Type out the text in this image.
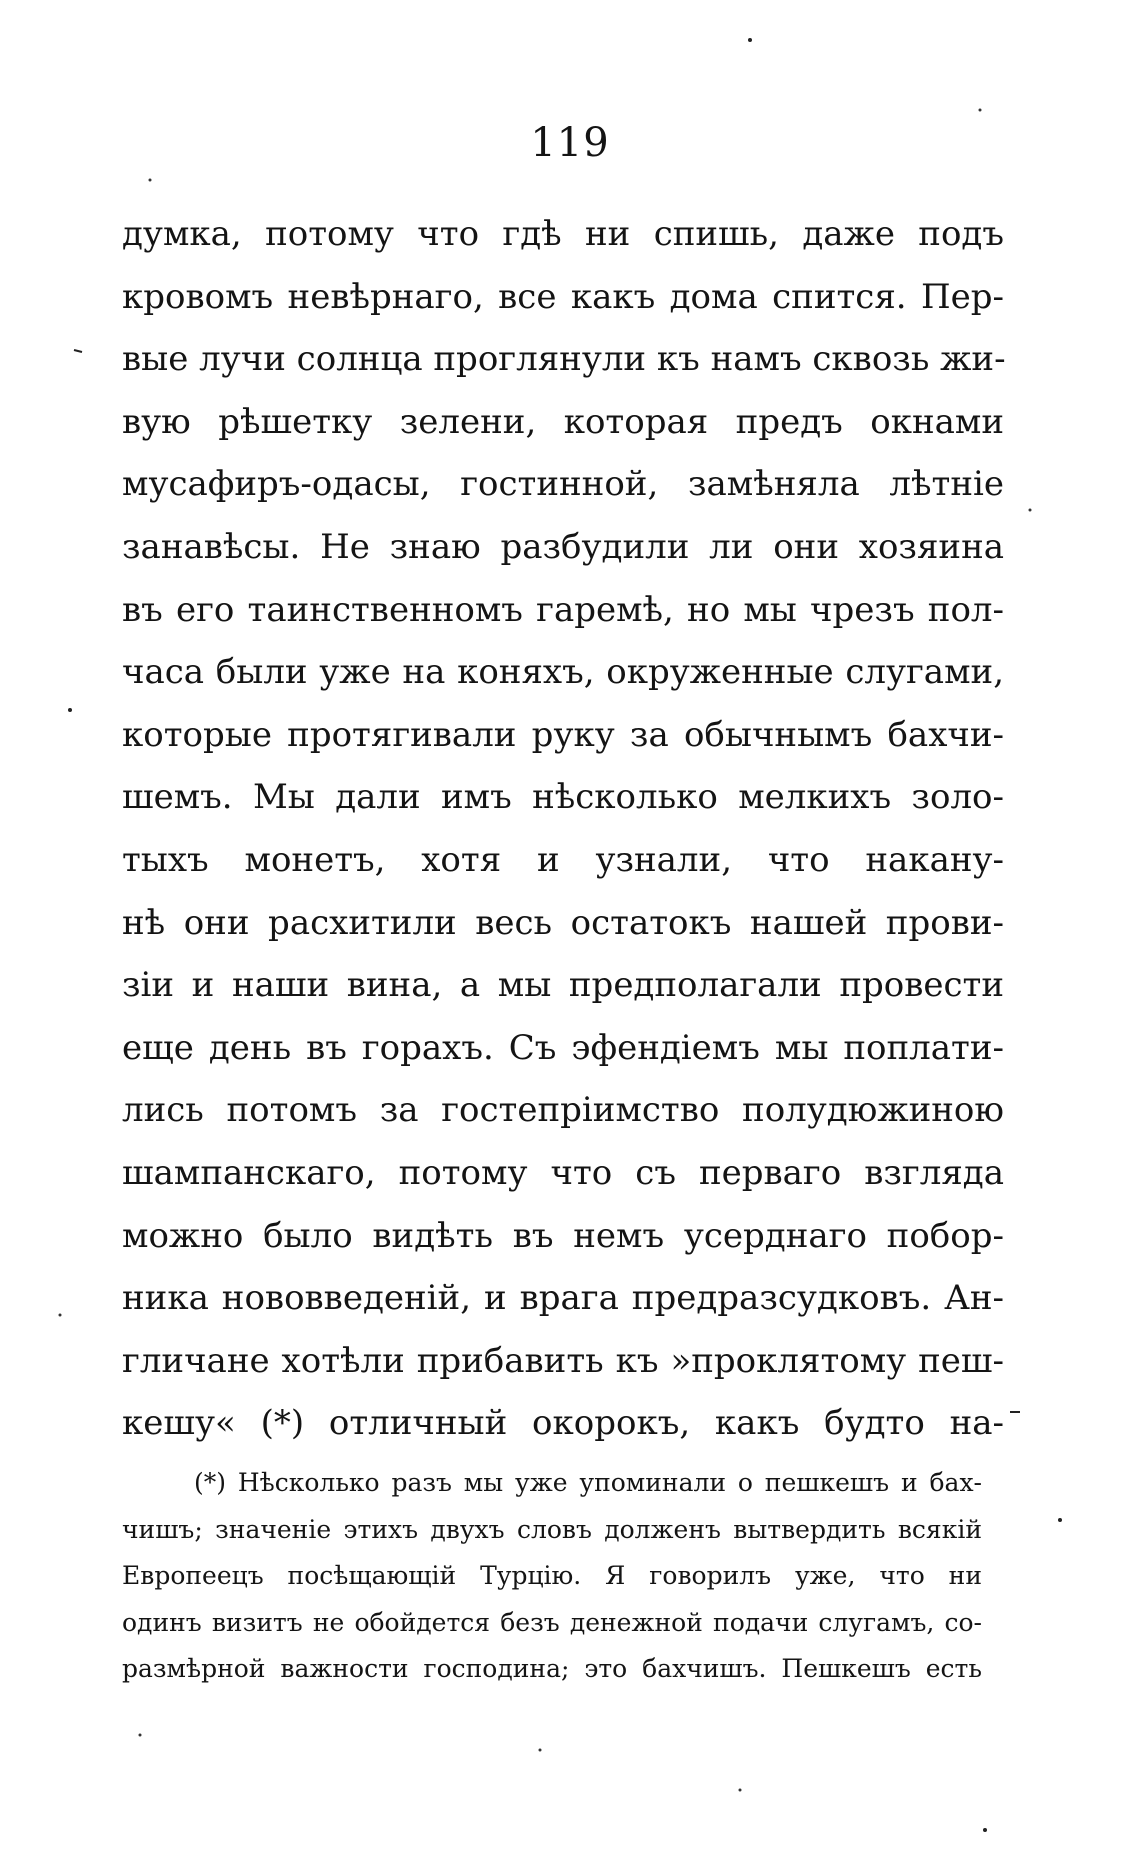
119
думка, потому что гдѣ ни спишь, даже подъ
кровомъ невѣрнаго, все какъ дома спится. Пер-
вые лучи солнца проглянули къ намъ сквозь жи-
вую рѣшетку зелени, которая предъ окнами
мусафиръ-одасы, гостинной, замѣняла лѣтніе
занавѣсы. Не знаю разбудили ли они хозяина
въ его таинственномъ гаремѣ, но мы чрезъ пол-
часа были уже на коняхъ, окруженные слугами,
которые протягивали руку за обычнымъ бахчи-
шемъ. Мы дали имъ нѣсколько мелкихъ золо-
тыхъ монетъ, хотя и узнали, что накану-
нѣ они расхитили весь остатокъ нашей прови-
зіи и наши вина, а мы предполагали провести
еще день въ горахъ. Съ эфендіемъ мы поплати-
лись потомъ за гостепріимство полудюжиною
шампанскаго, потому что съ перваго взгляда
можно было видѣть въ немъ усерднаго побор-
ника нововведеній, и врага предразсудковъ. Ан-
гличане хотѣли прибавить къ »проклятому пеш-
кешу« (*) отличный окорокъ, какъ будто на-
(*) Нѣсколько разъ мы уже упоминали о пешкешъ и бах-
чишъ; значеніе этихъ двухъ словъ долженъ вытвердить всякій
Европеецъ посѣщающій Турцію. Я говорилъ уже, что ни
одинъ визитъ не обойдется безъ денежной подачи слугамъ, со-
размѣрной важности господина; это бахчишъ. Пешкешъ есть
